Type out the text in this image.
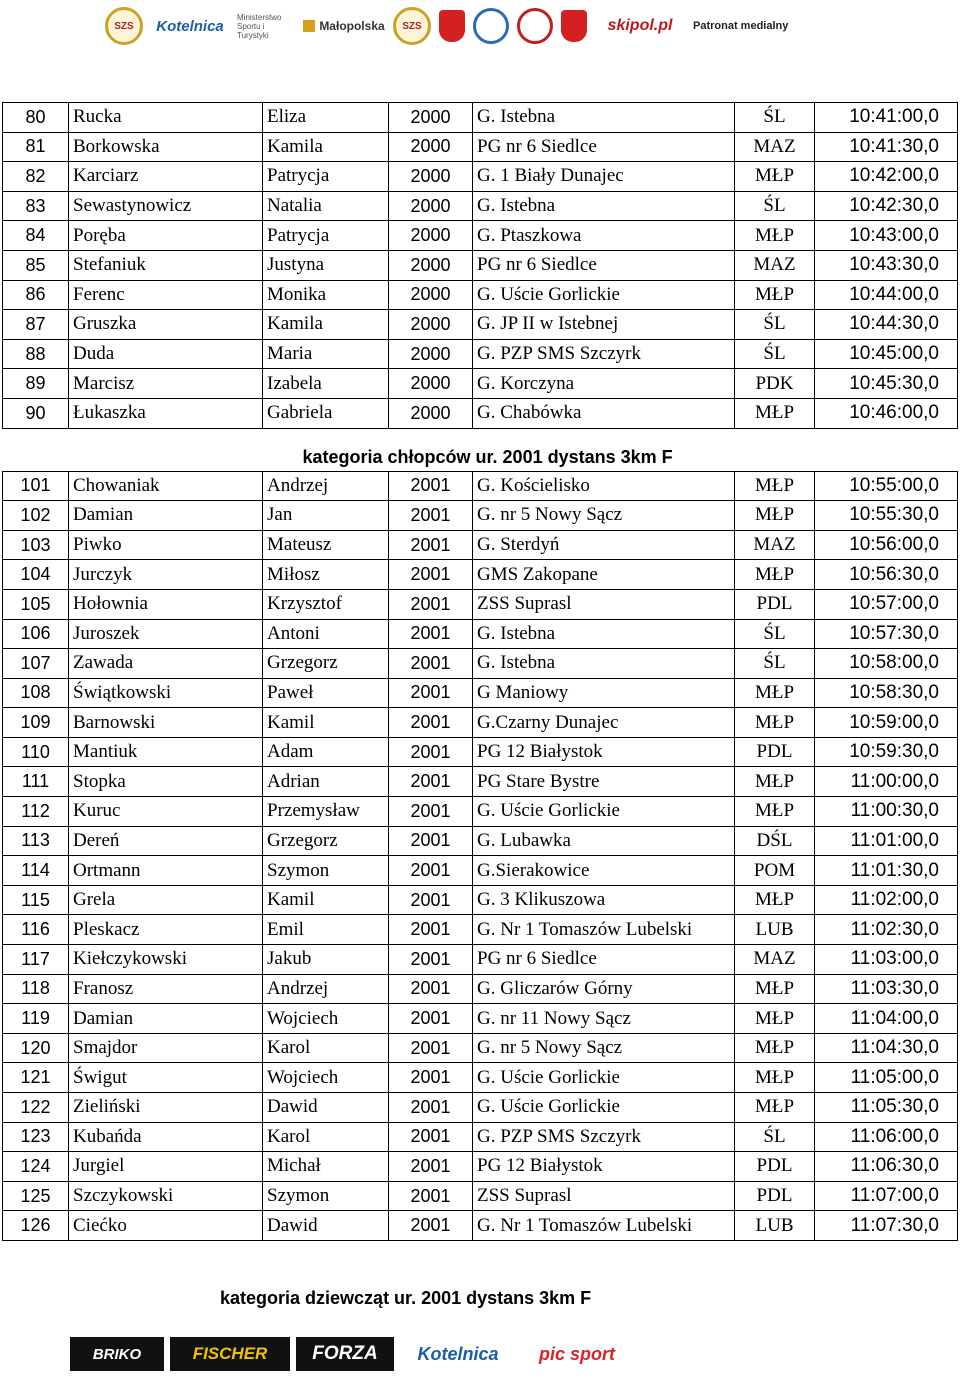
SZS	Kotelnica
Ministerstwo Sportu i Turystyki
Małopolska	SZS	skipol.pl	Patronat medialny
80	Rucka	Eliza	2000	G. Istebna	ŚL	10:41:00,0
81	Borkowska	Kamila	2000	PG nr 6 Siedlce	MAZ	10:41:30,0
82	Karciarz	Patrycja	2000	G. 1 Biały Dunajec	MŁP	10:42:00,0
83	Sewastynowicz	Natalia	2000	G. Istebna	ŚL	10:42:30,0
84	Poręba	Patrycja	2000	G. Ptaszkowa	MŁP	10:43:00,0
85	Stefaniuk	Justyna	2000	PG nr 6 Siedlce	MAZ	10:43:30,0
86	Ferenc	Monika	2000	G. Uście Gorlickie	MŁP	10:44:00,0
87	Gruszka	Kamila	2000	G. JP II w Istebnej	ŚL	10:44:30,0
88	Duda	Maria	2000	G. PZP SMS Szczyrk	ŚL	10:45:00,0
89	Marcisz	Izabela	2000	G. Korczyna	PDK	10:45:30,0
90	Łukaszka	Gabriela	2000	G. Chabówka	MŁP	10:46:00,0
		kategoria chłopców ur. 2001 dystans 3km F				
101	Chowaniak	Andrzej	2001	G. Kościelisko	MŁP	10:55:00,0
102	Damian	Jan	2001	G. nr 5 Nowy Sącz	MŁP	10:55:30,0
103	Piwko	Mateusz	2001	G. Sterdyń	MAZ	10:56:00,0
104	Jurczyk	Miłosz	2001	GMS Zakopane	MŁP	10:56:30,0
105	Hołownia	Krzysztof	2001	ZSS Suprasl	PDL	10:57:00,0
106	Juroszek	Antoni	2001	G. Istebna	ŚL	10:57:30,0
107	Zawada	Grzegorz	2001	G. Istebna	ŚL	10:58:00,0
108	Świątkowski	Paweł	2001	G Maniowy	MŁP	10:58:30,0
109	Barnowski	Kamil	2001	G.Czarny Dunajec	MŁP	10:59:00,0
110	Mantiuk	Adam	2001	PG 12 Białystok	PDL	10:59:30,0
111	Stopka	Adrian	2001	PG Stare Bystre	MŁP	11:00:00,0
112	Kuruc	Przemysław	2001	G. Uście Gorlickie	MŁP	11:00:30,0
113	Dereń	Grzegorz	2001	G. Lubawka	DŚL	11:01:00,0
114	Ortmann	Szymon	2001	G.Sierakowice	POM	11:01:30,0
115	Grela	Kamil	2001	G. 3 Klikuszowa	MŁP	11:02:00,0
116	Pleskacz	Emil	2001	G. Nr 1 Tomaszów Lubelski	LUB	11:02:30,0
117	Kiełczykowski	Jakub	2001	PG nr 6 Siedlce	MAZ	11:03:00,0
118	Franosz	Andrzej	2001	G. Gliczarów Górny	MŁP	11:03:30,0
119	Damian	Wojciech	2001	G. nr 11 Nowy Sącz	MŁP	11:04:00,0
120	Smajdor	Karol	2001	G. nr 5 Nowy Sącz	MŁP	11:04:30,0
121	Świgut	Wojciech	2001	G. Uście Gorlickie	MŁP	11:05:00,0
122	Zieliński	Dawid	2001	G. Uście Gorlickie	MŁP	11:05:30,0
123	Kubańda	Karol	2001	G. PZP SMS Szczyrk	ŚL	11:06:00,0
124	Jurgiel	Michał	2001	PG 12 Białystok	PDL	11:06:30,0
125	Szczykowski	Szymon	2001	ZSS Suprasl	PDL	11:07:00,0
126	Ciećko	Dawid	2001	G. Nr 1 Tomaszów Lubelski	LUB	11:07:30,0
kategoria dziewcząt ur. 2001 dystans 3km F
BRIKO	FISCHER	FORZA	Kotelnica	pic sport
